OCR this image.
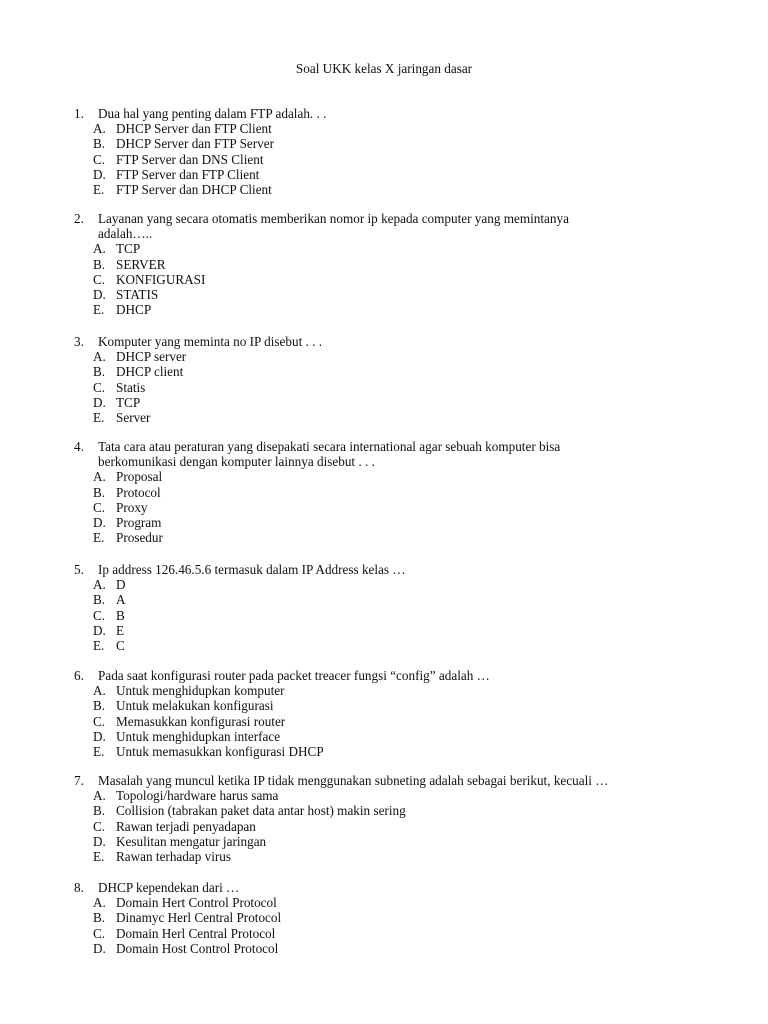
Soal UKK kelas X jaringan dasar
1. Dua hal yang penting dalam FTP adalah. . .
A. DHCP Server dan FTP Client
B. DHCP Server dan FTP Server
C. FTP Server dan DNS Client
D. FTP Server dan FTP Client
E. FTP Server dan DHCP Client
2. Layanan yang secara otomatis memberikan nomor ip kepada computer yang memintanya
adalah…..
A. TCP
B. SERVER
C. KONFIGURASI
D. STATIS
E. DHCP
3. Komputer yang meminta no IP disebut . . .
A. DHCP server
B. DHCP client
C. Statis
D. TCP
E. Server
4. Tata cara atau peraturan yang disepakati secara international agar sebuah komputer bisa
berkomunikasi dengan komputer lainnya disebut . . .
A. Proposal
B. Protocol
C. Proxy
D. Program
E. Prosedur
5. Ip address 126.46.5.6 termasuk dalam IP Address kelas …
A. D
B. A
C. B
D. E
E. C
6. Pada saat konfigurasi router pada packet treacer fungsi “config” adalah …
A. Untuk menghidupkan komputer
B. Untuk melakukan konfigurasi
C. Memasukkan konfigurasi router
D. Untuk menghidupkan interface
E. Untuk memasukkan konfigurasi DHCP
7. Masalah yang muncul ketika IP tidak menggunakan subneting adalah sebagai berikut, kecuali …
A. Topologi/hardware harus sama
B. Collision (tabrakan paket data antar host) makin sering
C. Rawan terjadi penyadapan
D. Kesulitan mengatur jaringan
E. Rawan terhadap virus
8. DHCP kependekan dari …
A. Domain Hert Control Protocol
B. Dinamyc Herl Central Protocol
C. Domain Herl Central Protocol
D. Domain Host Control Protocol
